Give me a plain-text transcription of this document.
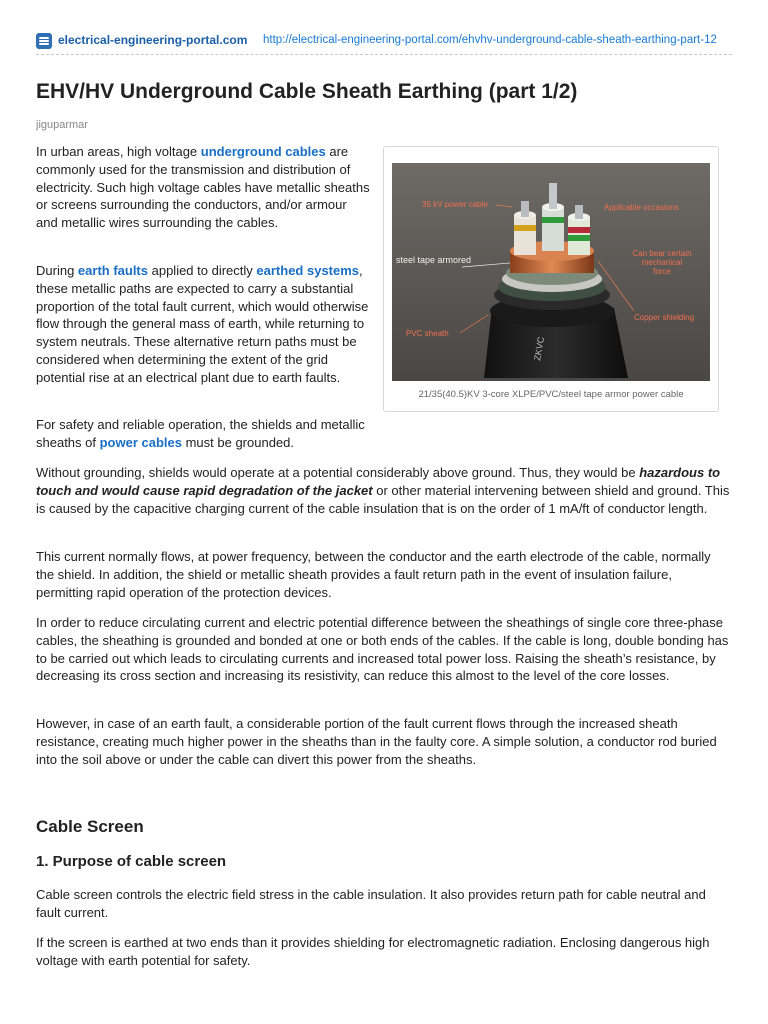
electrical-engineering-portal.com http://electrical-engineering-portal.com/ehvhv-underground-cable-sheath-earthing-part-12
EHV/HV Underground Cable Sheath Earthing (part 1/2)
jiguparmar

In urban areas, high voltage underground cables are commonly used for the transmission and distribution of electricity. Such high voltage cables have metallic sheaths or screens surrounding the conductors, and/or armour and metallic wires surrounding the cables.

During earth faults applied to directly earthed systems, these metallic paths are expected to carry a substantial proportion of the total fault current, which would otherwise flow through the general mass of earth, while returning to system neutrals. These alternative return paths must be considered when determining the extent of the grid potential rise at an electrical plant due to earth faults.

For safety and reliable operation, the shields and metallic sheaths of power cables must be grounded.

ZKVC
35 kV power cable	Applicable occasions
steel tape armored
Can bear certain mechanical force
Copper shielding
PVC sheath
21/35(40.5)KV 3-core XLPE/PVC/steel tape armor power cable

Without grounding, shields would operate at a potential considerably above ground. Thus, they would be hazardous to touch and would cause rapid degradation of the jacket or other material intervening between shield and ground. This is caused by the capacitive charging current of the cable insulation that is on the order of 1 mA/ft of conductor length.

This current normally flows, at power frequency, between the conductor and the earth electrode of the cable, normally the shield. In addition, the shield or metallic sheath provides a fault return path in the event of insulation failure, permitting rapid operation of the protection devices.

In order to reduce circulating current and electric potential difference between the sheathings of single core three-phase cables, the sheathing is grounded and bonded at one or both ends of the cables. If the cable is long, double bonding has to be carried out which leads to circulating currents and increased total power loss. Raising the sheath’s resistance, by decreasing its cross section and increasing its resistivity, can reduce this almost to the level of the core losses.

However, in case of an earth fault, a considerable portion of the fault current flows through the increased sheath resistance, creating much higher power in the sheaths than in the faulty core. A simple solution, a conductor rod buried into the soil above or under the cable can divert this power from the sheaths.

Cable Screen
1. Purpose of cable screen

Cable screen controls the electric field stress in the cable insulation. It also provides return path for cable neutral and fault current.

If the screen is earthed at two ends than it provides shielding for electromagnetic radiation. Enclosing dangerous high voltage with earth potential for safety.
